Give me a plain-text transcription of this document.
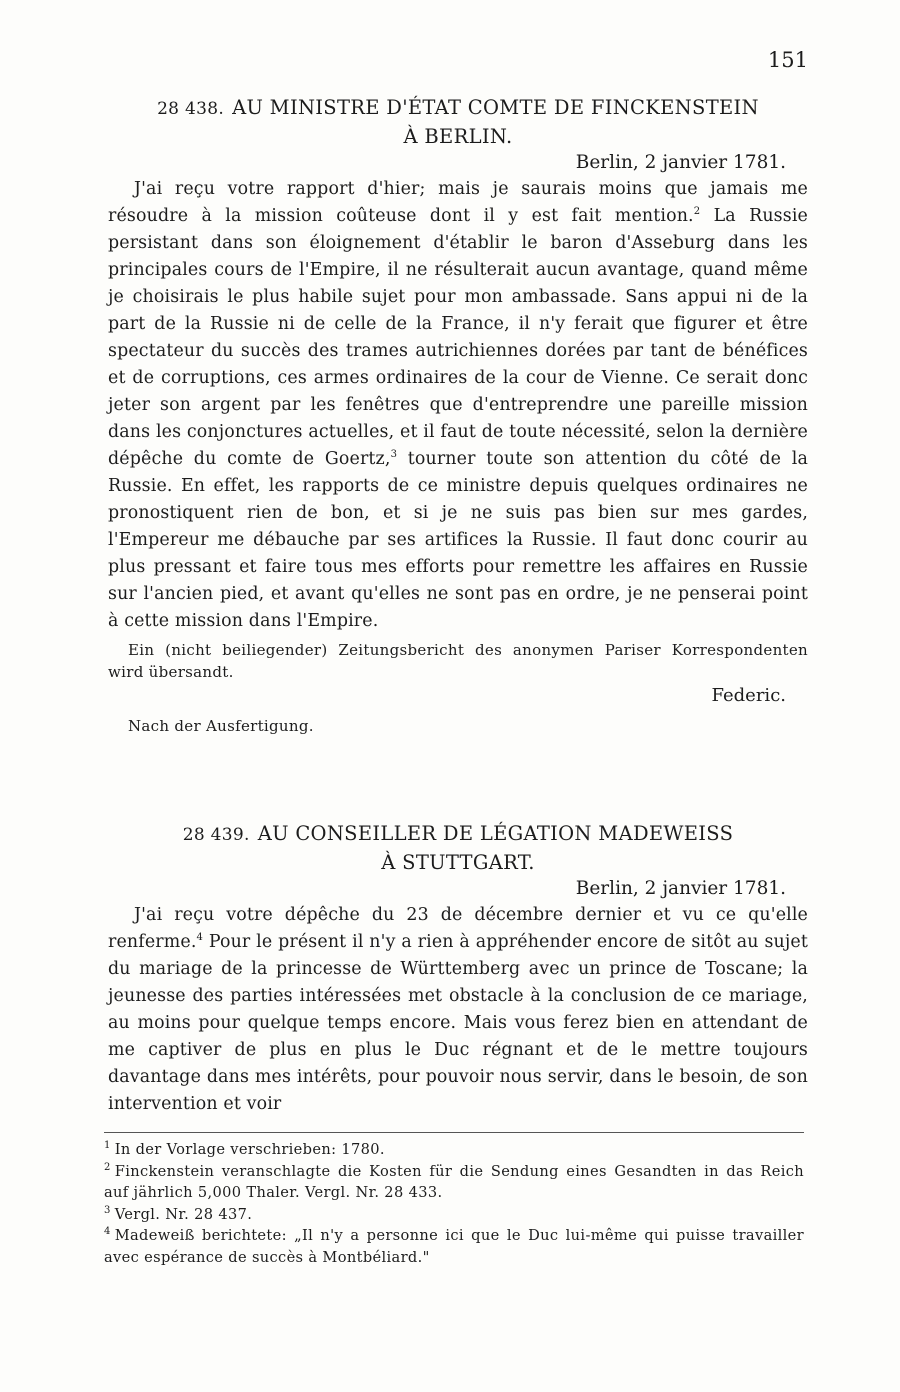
151
28 438. AU MINISTRE D'ÉTAT COMTE DE FINCKENSTEIN
À BERLIN.
Berlin, 2 janvier 1781.

J'ai reçu votre rapport d'hier; mais je saurais moins que jamais me résoudre à la mission coûteuse dont il y est fait mention.$^2$ La Russie persistant dans son éloignement d'établir le baron d'Asseburg dans les principales cours de l'Empire, il ne résulterait aucun avantage, quand même je choisirais le plus habile sujet pour mon ambassade. Sans appui ni de la part de la Russie ni de celle de la France, il n'y ferait que figurer et être spectateur du succès des trames autrichiennes dorées par tant de bénéfices et de corruptions, ces armes ordinaires de la cour de Vienne. Ce serait donc jeter son argent par les fenêtres que d'entreprendre une pareille mission dans les conjonctures actuelles, et il faut de toute nécessité, selon la dernière dépêche du comte de Goertz,$^3$ tourner toute son attention du côté de la Russie. En effet, les rapports de ce ministre depuis quelques ordinaires ne pronostiquent rien de bon, et si je ne suis pas bien sur mes gardes, l'Empereur me débauche par ses artifices la Russie. Il faut donc courir au plus pressant et faire tous mes efforts pour remettre les affaires en Russie sur l'ancien pied, et avant qu'elles ne sont pas en ordre, je ne penserai point à cette mission dans l'Empire.

Ein (nicht beiliegender) Zeitungsbericht des anonymen Pariser Korrespondenten wird übersandt.

Federic.
Nach der Ausfertigung.
28 439. AU CONSEILLER DE LÉGATION MADEWEISS
À STUTTGART.
Berlin, 2 janvier 1781.

J'ai reçu votre dépêche du 23 de décembre dernier et vu ce qu'elle renferme.$^4$ Pour le présent il n'y a rien à appréhender encore de sitôt au sujet du mariage de la princesse de Württemberg avec un prince de Toscane; la jeunesse des parties intéressées met obstacle à la conclusion de ce mariage, au moins pour quelque temps encore. Mais vous ferez bien en attendant de me captiver de plus en plus le Duc régnant et de le mettre toujours davantage dans mes intérêts, pour pouvoir nous servir, dans le besoin, de son intervention et voir

$^1$ In der Vorlage verschrieben: 1780.

$^2$ Finckenstein veranschlagte die Kosten für die Sendung eines Gesandten in das Reich auf jährlich 5,000 Thaler. Vergl. Nr. 28 433.

$^3$ Vergl. Nr. 28 437.

$^4$ Madeweiß berichtete: „Il n'y a personne ici que le Duc lui-même qui puisse travailler avec espérance de succès à Montbéliard."
